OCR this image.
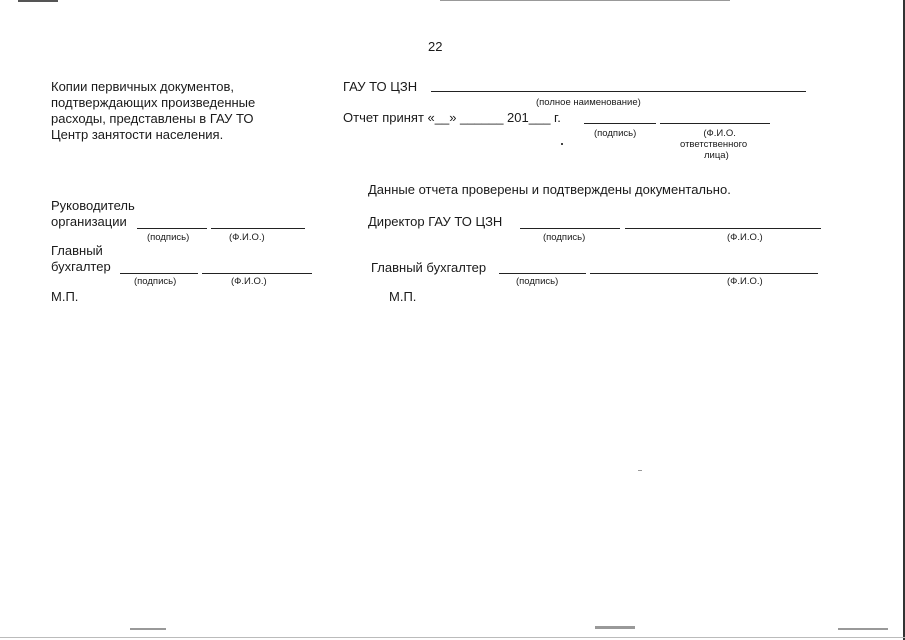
22
Копии первичных документов,
подтверждающих произведенные
расходы, представлены в ГАУ ТО
Центр занятости населения.
ГАУ ТО ЦЗН
(полное наименование)
Отчет принят «__» ______ 201___ г.
(подпись)	(Ф.И.О.
ответственного
лица)
Данные отчета проверены и подтверждены документально.
Руководитель
организации
(подпись)	(Ф.И.О.)
Главный
бухгалтер
(подпись)	(Ф.И.О.)
М.П.
Директор ГАУ ТО ЦЗН
(подпись)	(Ф.И.О.)
Главный бухгалтер
(подпись)	(Ф.И.О.)
М.П.
